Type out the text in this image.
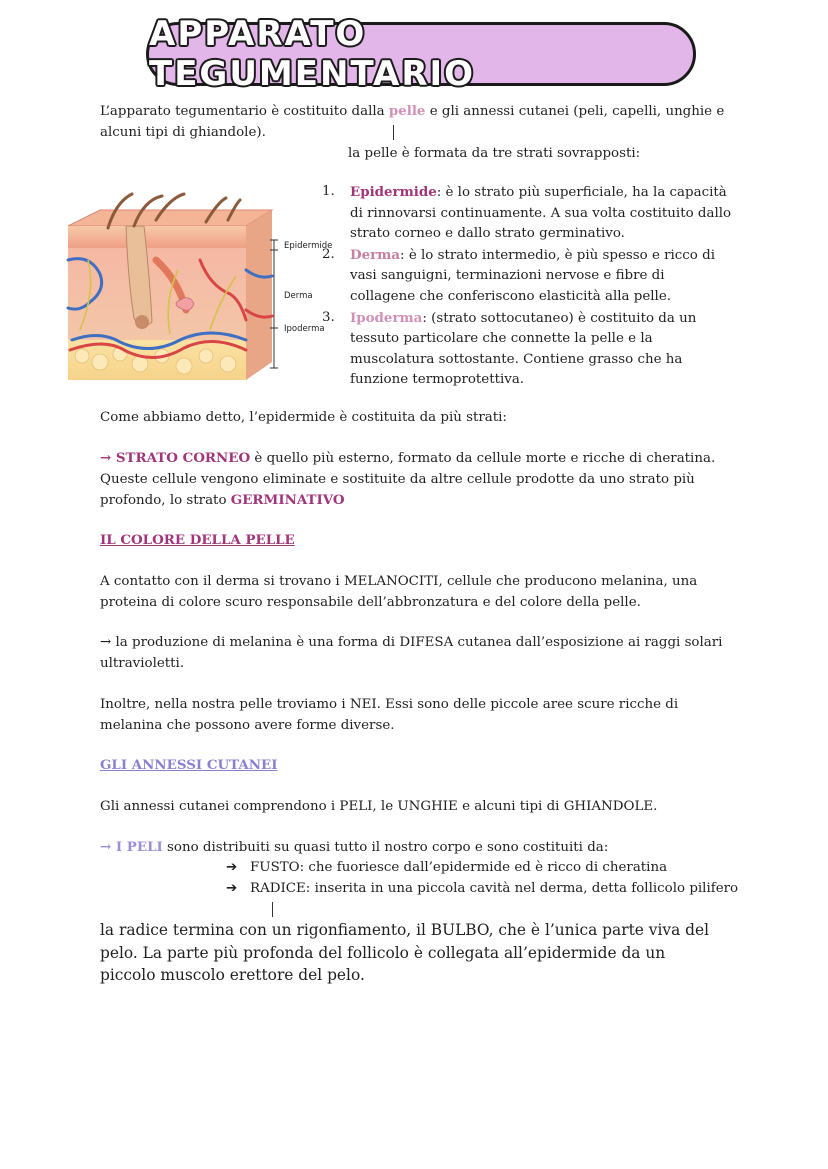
APPARATO TEGUMENTARIO

L’apparato tegumentario è costituito dalla pelle e gli annessi cutanei (peli, capelli, unghie e alcuni tipi di ghiandole).

la pelle è formata da tre strati sovrapposti:

Epidermide
Derma
Ipoderma
1. Epidermide: è lo strato più superficiale, ha la capacità di rinnovarsi continuamente. A sua volta costituito dallo strato corneo e dallo strato germinativo.
2. Derma: è lo strato intermedio, è più spesso e ricco di vasi sanguigni, terminazioni nervose e fibre di collagene che conferiscono elasticità alla pelle.
3. Ipoderma: (strato sottocutaneo) è costituito da un tessuto particolare che connette la pelle e la muscolatura sottostante. Contiene grasso che ha funzione termoprotettiva.

Come abbiamo detto, l’epidermide è costituita da più strati:

→ STRATO CORNEO è quello più esterno, formato da cellule morte e ricche di cheratina. Queste cellule vengono eliminate e sostituite da altre cellule prodotte da uno strato più profondo, lo strato GERMINATIVO

IL COLORE DELLA PELLE

A contatto con il derma si trovano i MELANOCITI, cellule che producono melanina, una proteina di colore scuro responsabile dell’abbronzatura e del colore della pelle.

→ la produzione di melanina è una forma di DIFESA cutanea dall’esposizione ai raggi solari ultravioletti.

Inoltre, nella nostra pelle troviamo i NEI. Essi sono delle piccole aree scure ricche di melanina che possono avere forme diverse.

GLI ANNESSI CUTANEI

Gli annessi cutanei comprendono i PELI, le UNGHIE e alcuni tipi di GHIANDOLE.

→ I PELI sono distribuiti su quasi tutto il nostro corpo e sono costituiti da:

➔ FUSTO: che fuoriesce dall’epidermide ed è ricco di cheratina
➔ RADICE: inserita in una piccola cavità nel derma, detta follicolo pilifero

la radice termina con un rigonfiamento, il BULBO, che è l’unica parte viva del pelo. La parte più profonda del follicolo è collegata all’epidermide da un piccolo muscolo erettore del pelo.
